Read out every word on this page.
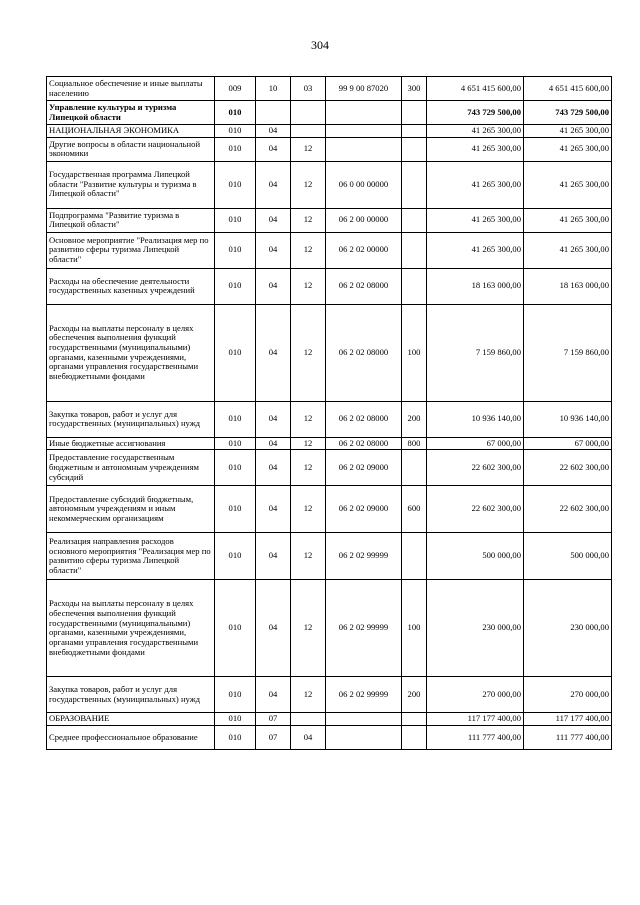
304
Социальное обеспечение и иные выплаты населению	009	10	03	99 9 00 87020	300	4 651 415 600,00	4 651 415 600,00
Управление культуры и туризма Липецкой области	010					743 729 500,00	743 729 500,00
НАЦИОНАЛЬНАЯ ЭКОНОМИКА	010	04				41 265 300,00	41 265 300,00
Другие вопросы в области национальной экономики	010	04	12			41 265 300,00	41 265 300,00
Государственная программа Липецкой области "Развитие культуры и туризма в Липецкой области"	010	04	12	06 0 00 00000		41 265 300,00	41 265 300,00
Подпрограмма "Развитие туризма в Липецкой области"	010	04	12	06 2 00 00000		41 265 300,00	41 265 300,00
Основное мероприятие "Реализация мер по развитию сферы туризма Липецкой области"	010	04	12	06 2 02 00000		41 265 300,00	41 265 300,00
Расходы на обеспечение деятельности государственных казенных учреждений	010	04	12	06 2 02 08000		18 163 000,00	18 163 000,00
Расходы на выплаты персоналу в целях обеспечения выполнения функций государственными (муниципальными) органами, казенными учреждениями, органами управления государственными внебюджетными фондами	010	04	12	06 2 02 08000	100	7 159 860,00	7 159 860,00
Закупка товаров, работ и услуг для государственных (муниципальных) нужд	010	04	12	06 2 02 08000	200	10 936 140,00	10 936 140,00
Иные бюджетные ассигнования	010	04	12	06 2 02 08000	800	67 000,00	67 000,00
Предоставление государственным бюджетным и автономным учреждениям субсидий	010	04	12	06 2 02 09000		22 602 300,00	22 602 300,00
Предоставление субсидий бюджетным, автономным учреждениям и иным некоммерческим организациям	010	04	12	06 2 02 09000	600	22 602 300,00	22 602 300,00
Реализация направления расходов основного мероприятия "Реализация мер по развитию сферы туризма Липецкой области"	010	04	12	06 2 02 99999		500 000,00	500 000,00
Расходы на выплаты персоналу в целях обеспечения выполнения функций государственными (муниципальными) органами, казенными учреждениями, органами управления государственными внебюджетными фондами	010	04	12	06 2 02 99999	100	230 000,00	230 000,00
Закупка товаров, работ и услуг для государственных (муниципальных) нужд	010	04	12	06 2 02 99999	200	270 000,00	270 000,00
ОБРАЗОВАНИЕ	010	07				117 177 400,00	117 177 400,00
Среднее профессиональное образование	010	07	04			111 777 400,00	111 777 400,00
